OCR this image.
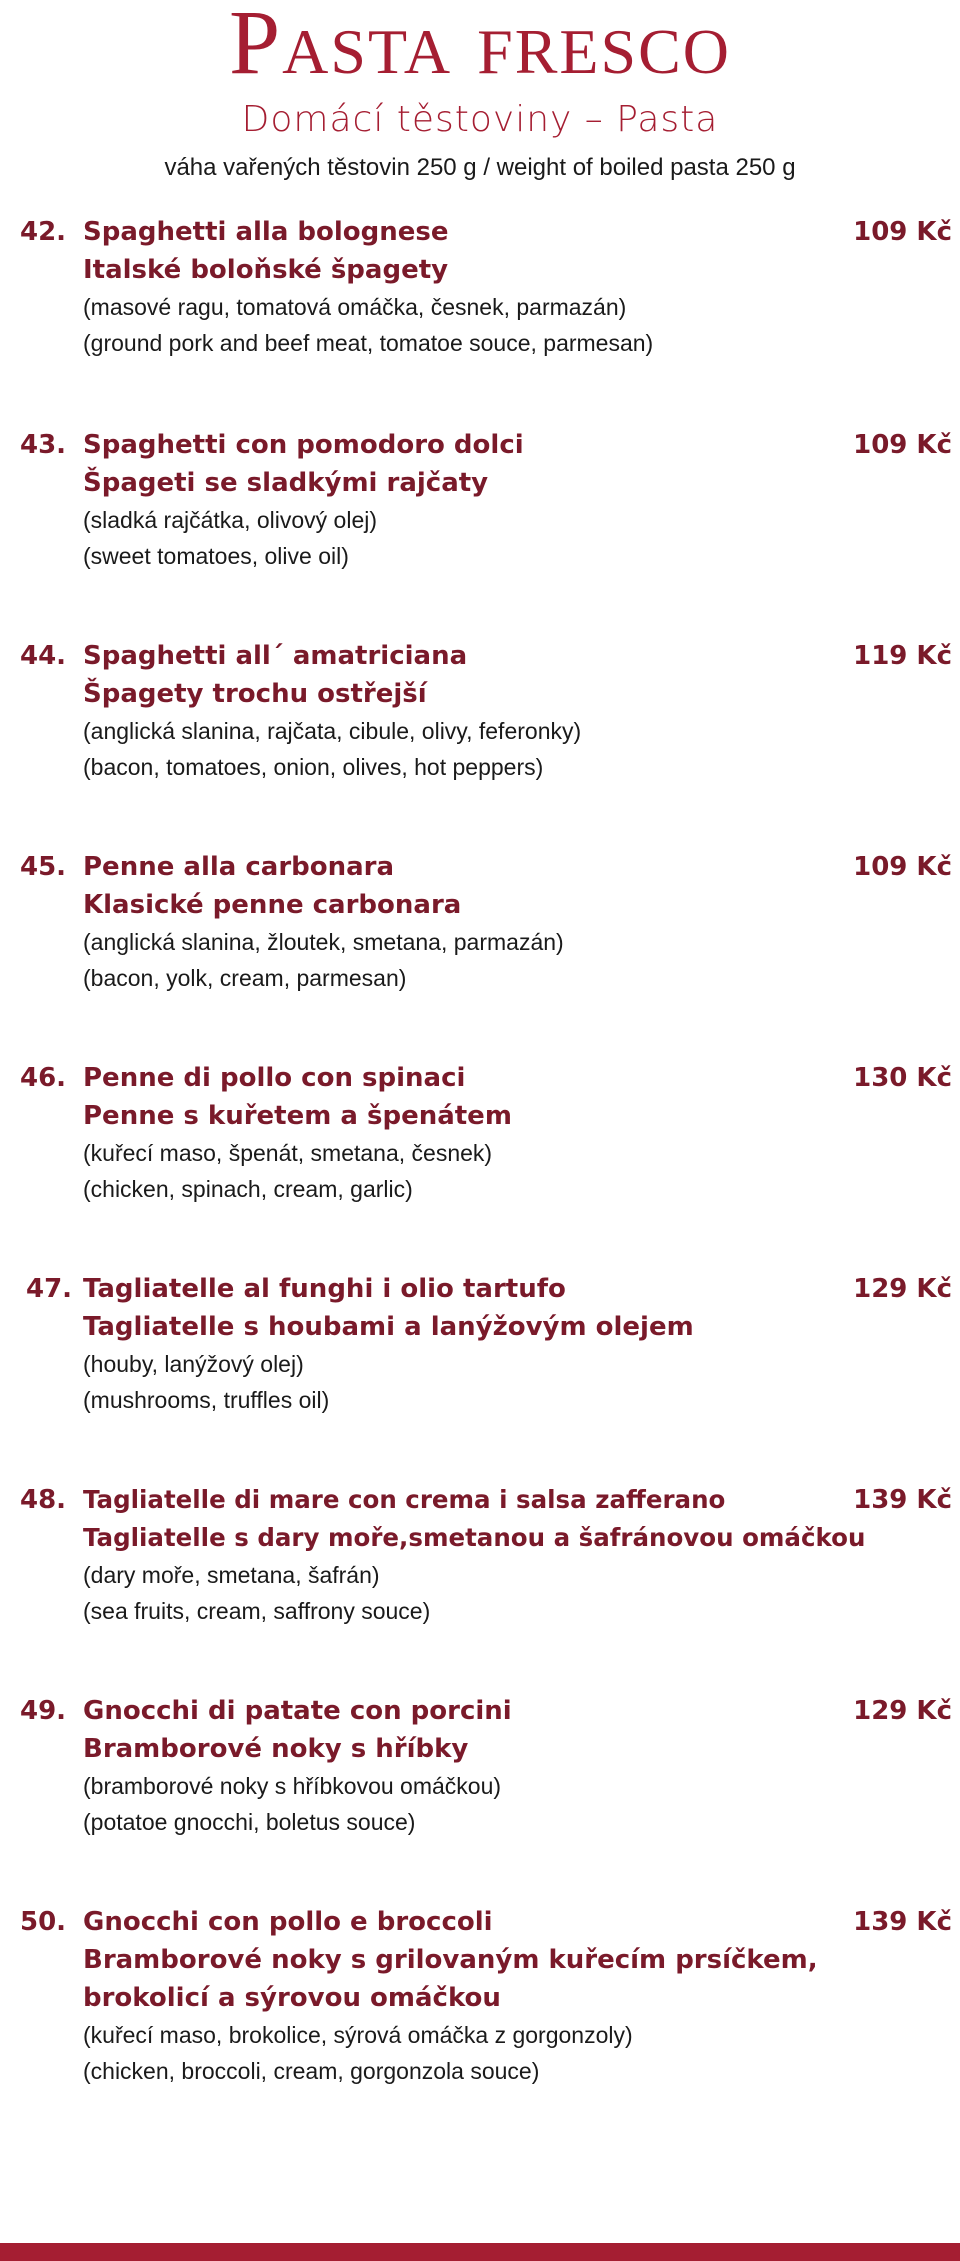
Pasta fresco
Domácí těstoviny – Pasta
váha vařených těstovin 250 g / weight of boiled pasta 250 g
42. Spaghetti alla bolognese
Italské boloňské špagety
(masové ragu, tomatová omáčka, česnek, parmazán)
(ground pork and beef meat, tomatoe souce, parmesan)
109 Kč
43. Spaghetti con pomodoro dolci
Špageti se sladkými rajčaty
(sladká rajčátka, olivový olej)
(sweet tomatoes, olive oil)
109 Kč
44. Spaghetti all´ amatriciana
Špagety trochu ostřejší
(anglická slanina, rajčata, cibule, olivy, feferonky)
(bacon, tomatoes, onion, olives, hot peppers)
119 Kč
45. Penne alla carbonara
Klasické penne carbonara
(anglická slanina, žloutek, smetana, parmazán)
(bacon, yolk, cream, parmesan)
109 Kč
46. Penne di pollo con spinaci
Penne s kuřetem a špenátem
(kuřecí maso, špenát, smetana, česnek)
(chicken, spinach, cream, garlic)
130 Kč
47. Tagliatelle al funghi i olio tartufo
Tagliatelle s houbami a lanýžovým olejem
(houby, lanýžový olej)
(mushrooms, truffles oil)
129 Kč
48. Tagliatelle di mare con crema i salsa zafferano
Tagliatelle s dary moře,smetanou a šafránovou omáčkou
(dary moře, smetana, šafrán)
(sea fruits, cream, saffrony souce)
139 Kč
49. Gnocchi di patate con porcini
Bramborové noky s hříbky
(bramborové noky s hříbkovou omáčkou)
(potatoe gnocchi, boletus souce)
129 Kč
50. Gnocchi con pollo e broccoli
Bramborové noky s grilovaným kuřecím prsíčkem,
brokolicí a sýrovou omáčkou
(kuřecí maso, brokolice, sýrová omáčka z gorgonzoly)
(chicken, broccoli, cream, gorgonzola souce)
139 Kč
